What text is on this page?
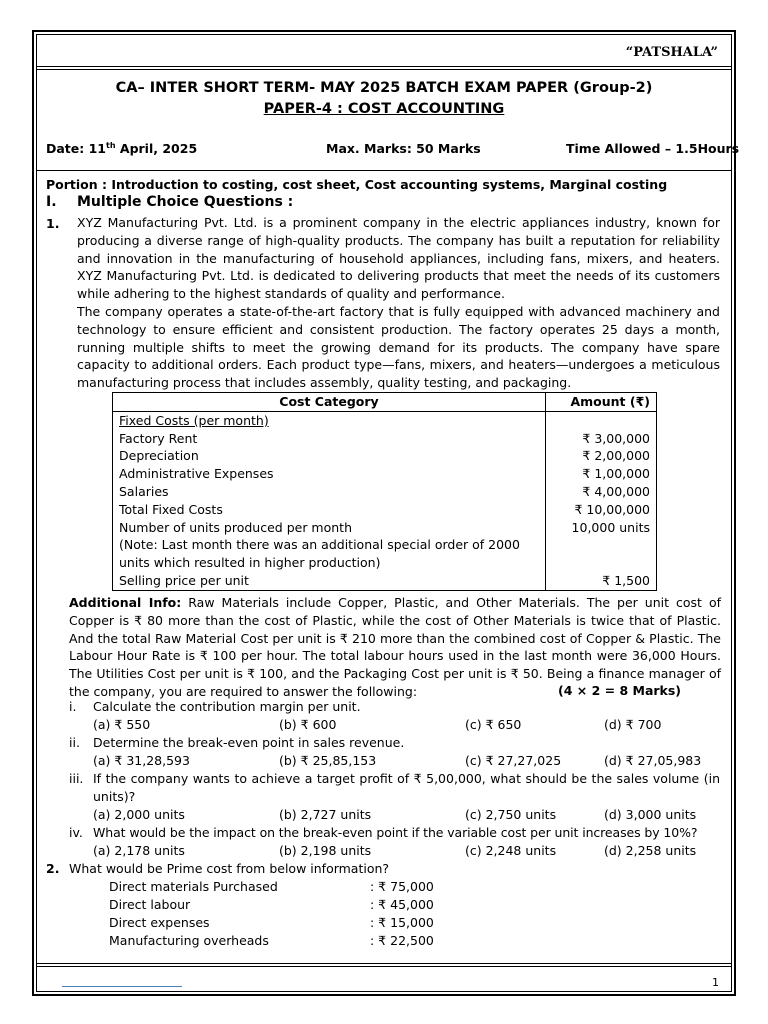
“PATSHALA”
CA– INTER SHORT TERM- MAY 2025 BATCH EXAM PAPER (Group-2)
PAPER-4 : COST ACCOUNTING
Date: 11th April, 2025	Max. Marks: 50 Marks	Time Allowed – 1.5Hours
Portion : Introduction to costing, cost sheet, Cost accounting systems, Marginal costing
I. Multiple Choice Questions :
1. XYZ Manufacturing Pvt. Ltd. is a prominent company in the electric appliances industry, known for producing a diverse range of high-quality products. The company has built a reputation for reliability and innovation in the manufacturing of household appliances, including fans, mixers, and heaters. XYZ Manufacturing Pvt. Ltd. is dedicated to delivering products that meet the needs of its customers while adhering to the highest standards of quality and performance.
The company operates a state-of-the-art factory that is fully equipped with advanced machinery and technology to ensure efficient and consistent production. The factory operates 25 days a month, running multiple shifts to meet the growing demand for its products. The company have spare capacity to additional orders. Each product type—fans, mixers, and heaters—undergoes a meticulous manufacturing process that includes assembly, quality testing, and packaging.
Cost Category	Amount (₹)
Fixed Costs (per month)	
Factory Rent	₹ 3,00,000
Depreciation	₹ 2,00,000
Administrative Expenses	₹ 1,00,000
Salaries	₹ 4,00,000
Total Fixed Costs	₹ 10,00,000
Number of units produced per month	10,000 units
(Note: Last month there was an additional special order of 2000	
units which resulted in higher production)	
Selling price per unit	₹ 1,500
Additional Info: Raw Materials include Copper, Plastic, and Other Materials. The per unit cost of Copper is ₹ 80 more than the cost of Plastic, while the cost of Other Materials is twice that of Plastic. And the total Raw Material Cost per unit is ₹ 210 more than the combined cost of Copper & Plastic. The Labour Hour Rate is ₹ 100 per hour. The total labour hours used in the last month were 36,000 Hours. The Utilities Cost per unit is ₹ 100, and the Packaging Cost per unit is ₹ 50. Being a finance manager of the company, you are required to answer the following:	(4 × 2 = 8 Marks)
i. Calculate the contribution margin per unit.
(a) ₹ 550	(b) ₹ 600	(c) ₹ 650	(d) ₹ 700
ii. Determine the break-even point in sales revenue.
(a) ₹ 31,28,593	(b) ₹ 25,85,153	(c) ₹ 27,27,025	(d) ₹ 27,05,983
iii. If the company wants to achieve a target profit of ₹ 5,00,000, what should be the sales volume (in
units)?
(a) 2,000 units	(b) 2,727 units	(c) 2,750 units	(d) 3,000 units
iv. What would be the impact on the break-even point if the variable cost per unit increases by 10%?
(a) 2,178 units	(b) 2,198 units	(c) 2,248 units	(d) 2,258 units
2. What would be Prime cost from below information?
Direct materials Purchased	: ₹ 75,000
Direct labour	: ₹ 45,000
Direct expenses	: ₹ 15,000
Manufacturing overheads	: ₹ 22,500
1
